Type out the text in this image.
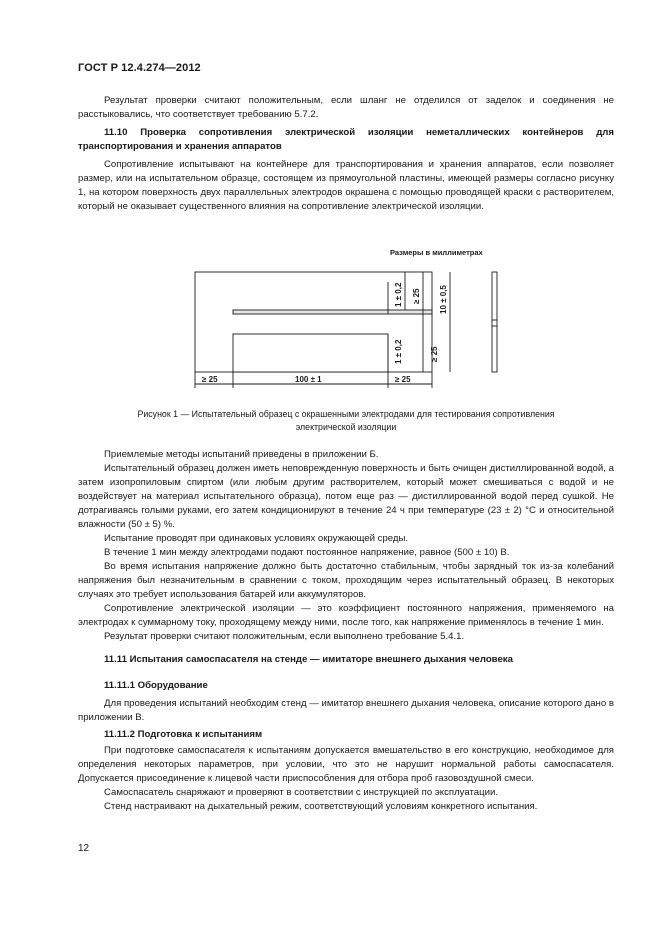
ГОСТ Р 12.4.274—2012

Результат проверки считают положительным, если шланг не отделился от заделок и соединения не расстыковались, что соответствует требованию 5.7.2.

11.10 Проверка сопротивления электрической изоляции неметаллических контейнеров для транспортирования и хранения аппаратов

Сопротивление испытывают на контейнере для транспортирования и хранения аппаратов, если позволяет размер, или на испытательном образце, состоящем из прямоугольной пластины, имеющей размеры согласно рисунку 1, на котором поверхность двух параллельных электродов окрашена с помощью проводящей краски с растворителем, который не оказывает существенного влияния на сопротивление электрической изоляции.

Размеры в миллиметрах
≥ 25	100 ± 1	≥ 25
1 ± 0,2 ≥ 25 10 ± 0,5
1 ± 0,2	≥ 25
Рисунок 1 — Испытательный образец с окрашенными электродами для тестирования сопротивления
электрической изоляции

Приемлемые методы испытаний приведены в приложении Б.

Испытательный образец должен иметь неповрежденную поверхность и быть очищен дистиллированной водой, а затем изопропиловым спиртом (или любым другим растворителем, который может смешиваться с водой и не воздействует на материал испытательного образца), потом еще раз — дистиллированной водой перед сушкой. Не дотрагиваясь голыми руками, его затем кондиционируют в течение 24 ч при температуре (23 ± 2) °C и относительной влажности (50 ± 5) %.

Испытание проводят при одинаковых условиях окружающей среды.

В течение 1 мин между электродами подают постоянное напряжение, равное (500 ± 10) В.

Во время испытания напряжение должно быть достаточно стабильным, чтобы зарядный ток из-за колебаний напряжения был незначительным в сравнении с током, проходящим через испытательный образец. В некоторых случаях это требует использования батарей или аккумуляторов.

Сопротивление электрической изоляции — это коэффициент постоянного напряжения, применяемого на электродах к суммарному току, проходящему между ними, после того, как напряжение применялось в течение 1 мин.

Результат проверки считают положительным, если выполнено требование 5.4.1.

11.11 Испытания самоспасателя на стенде — имитаторе внешнего дыхания человека

11.11.1 Оборудование

Для проведения испытаний необходим стенд — имитатор внешнего дыхания человека, описание которого дано в приложении В.

11.11.2 Подготовка к испытаниям

При подготовке самоспасателя к испытаниям допускается вмешательство в его конструкцию, необходимое для определения некоторых параметров, при условии, что это не нарушит нормальной работы самоспасателя. Допускается присоединение к лицевой части приспособления для отбора проб газовоздушной смеси.

Самоспасатель снаряжают и проверяют в соответствии с инструкцией по эксплуатации.

Стенд настраивают на дыхательный режим, соответствующий условиям конкретного испытания.

12
